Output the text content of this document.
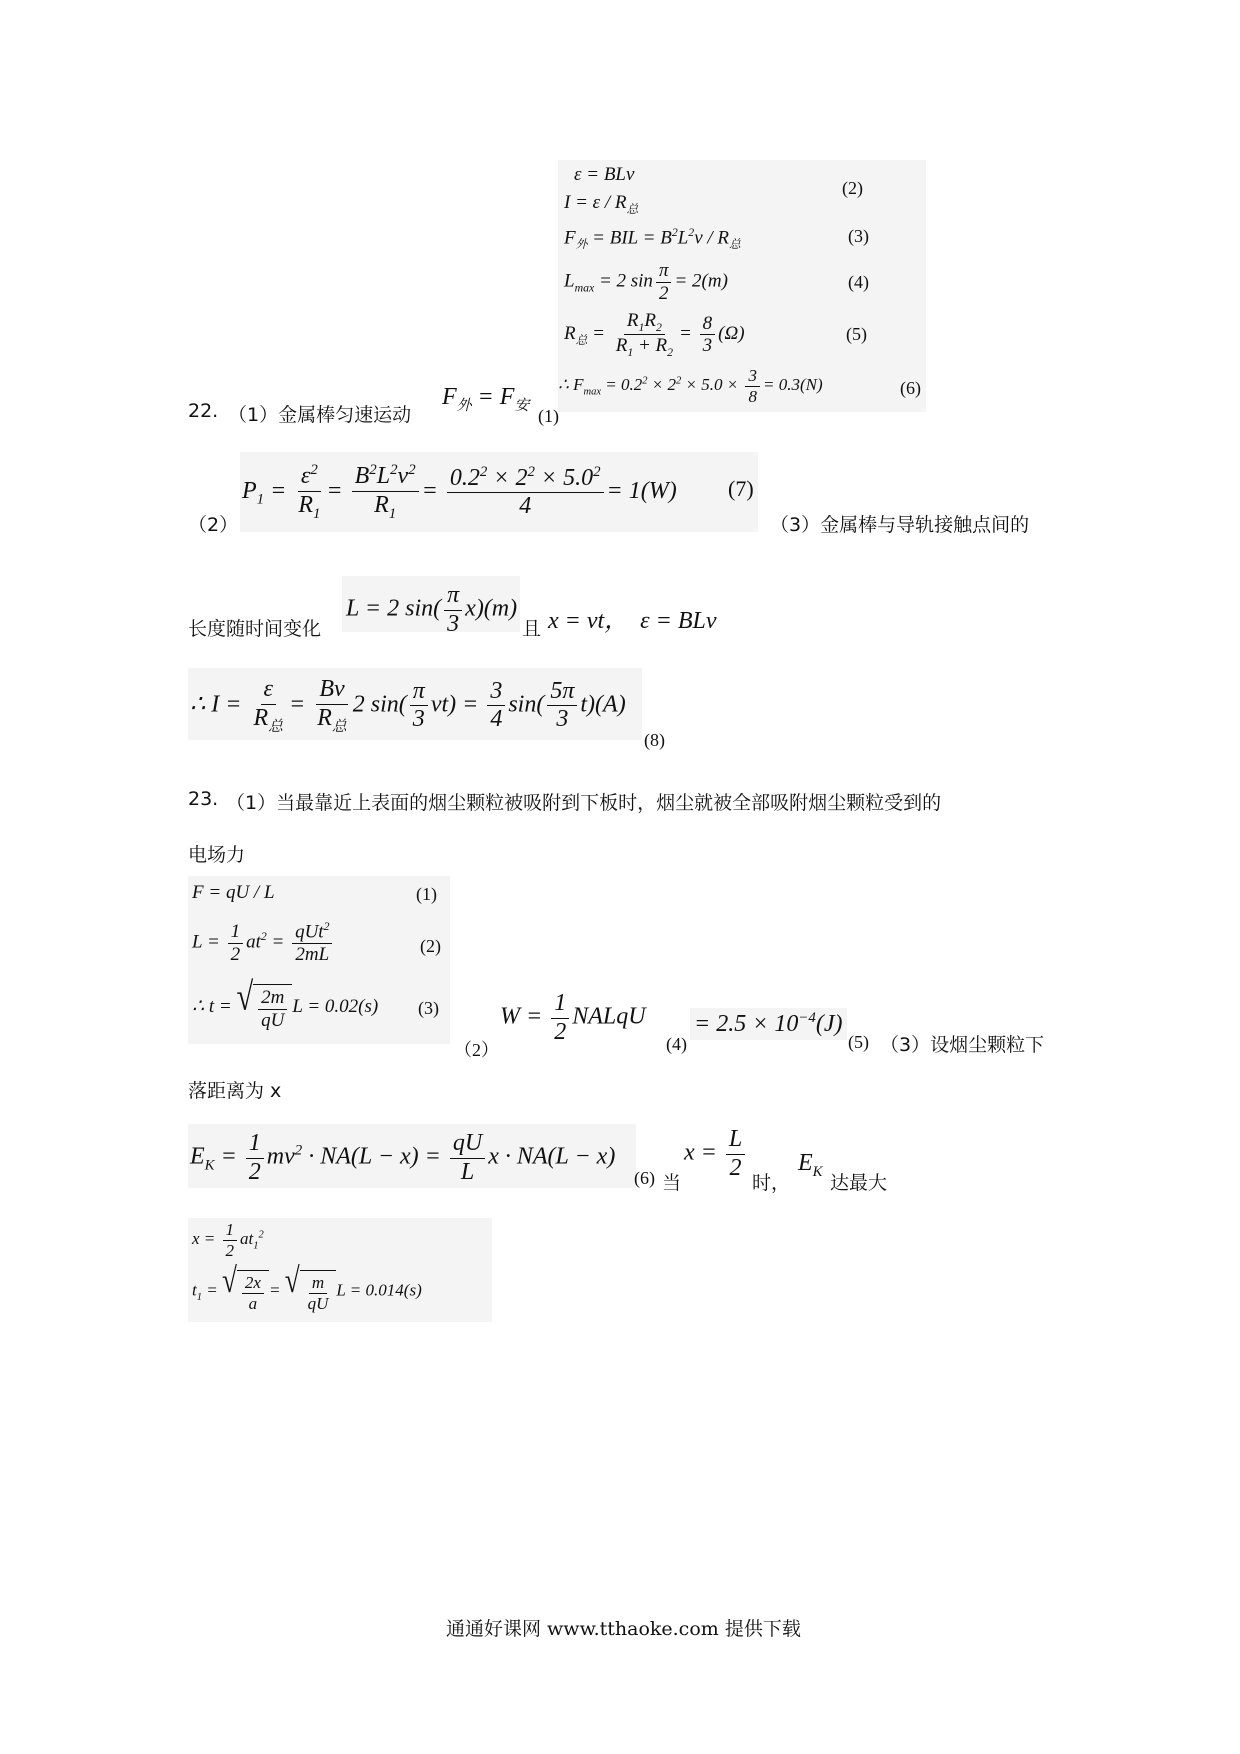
ε = BLv
$I = \varepsilon / R_总$
(2)
$F_外$ = BIL = $B^2L^2v / R_总$	(3)
$L_{max} = 2$ $\sin \frac{\pi}{2} = 2(m)$	(4)
$R_总 = \frac{R_1R_2}{R_1 + R_2} = \frac{8}{3} (\Omega)$	(5)
∴ $F_{max} = 0.2^2 \times 2^2 \times 5.0 \times \frac{3}{8} = 0.3(N)$	(6)
22. （1）金属棒匀速运动
$F_外 = F_安$
(1)
（2）
$P_1 = \frac{\varepsilon^2}{R_1} = \frac{B^2L^2v^2}{R_1} = \frac{0.2^2 \times 2^2 \times 5.0^2}{4} = 1(W)$ (7)
（3）金属棒与导轨接触点间的
长度随时间变化
L = 2 $\sin( \frac{\pi}{3} x)(m)$
且 x = vt，  ε = BLv
∴ $I = \frac{\varepsilon}{R_总} = \frac{Bv}{R_总} 2$ $\sin( \frac{\pi}{3} vt) = \frac{3}{4} \sin( \frac{5\pi}{3} t)(A)$
(8)
23. （1）当最靠近上表面的烟尘颗粒被吸附到下板时，烟尘就被全部吸附烟尘颗粒受到的
电场力
F = qU / L	(1)
$L = \frac{1}{2} at^2 = \frac{qUt^2}{2mL}$	(2)
∴ t = √ $\frac{2m}{qU}$ L = 0.02(s) (3)
（2）
$W = \frac{1}{2}$ NALqU
(4)
= $2.5 \times 10^{-4}(J)$
(5) （3）设烟尘颗粒下
落距离为 x
$E_K = \frac{1}{2} mv^2 \cdot NA(L - x) = \frac{qU}{L}$ x · NA(L − x)
(6) 当
$x = \frac{L}{2}$
时，
$E_K$
达最大
$x = \frac{1}{2} at_1^2$
$t_1$ = √ $\frac{2x}{a}$ = √ $\frac{m}{qU}$ L = 0.014(s)
通通好课网 www.tthaoke.com 提供下载
